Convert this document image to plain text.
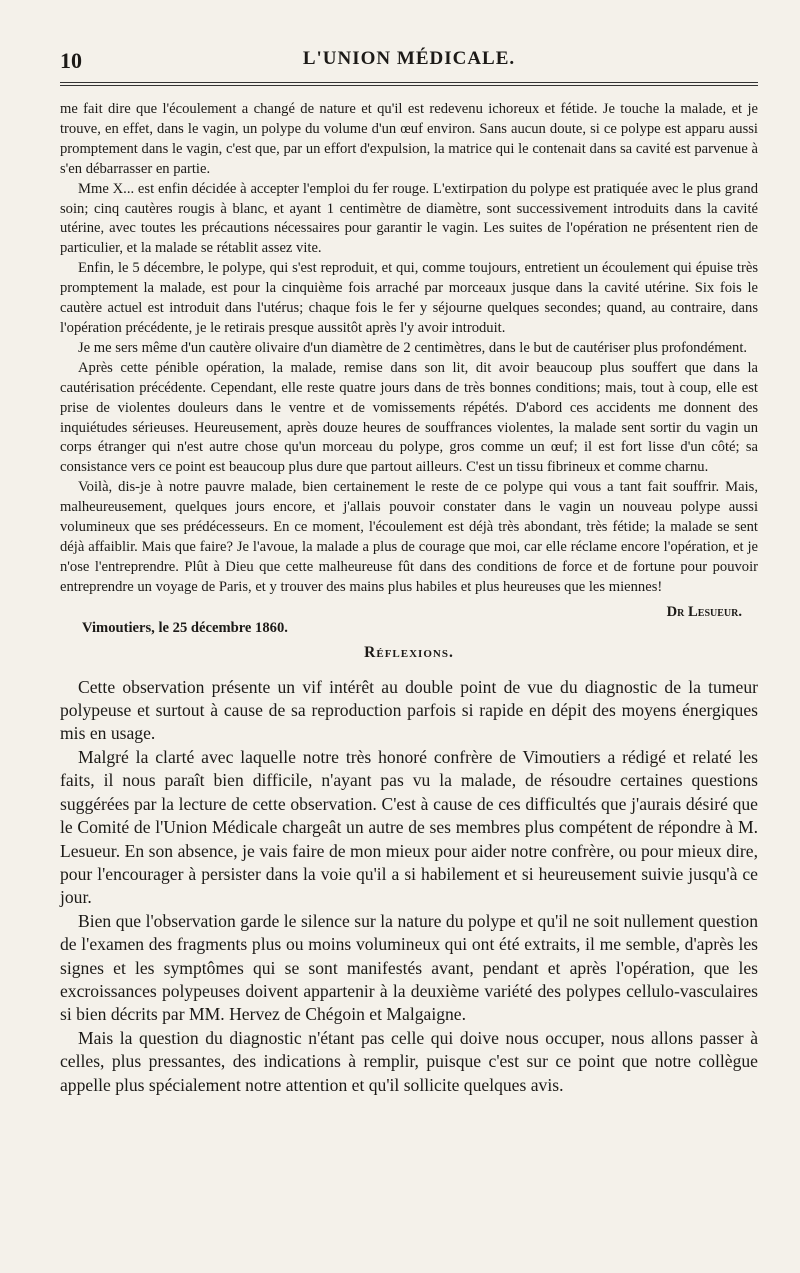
10	L'UNION MÉDICALE.

me fait dire que l'écoulement a changé de nature et qu'il est redevenu ichoreux et fétide. Je touche la malade, et je trouve, en effet, dans le vagin, un polype du volume d'un œuf environ. Sans aucun doute, si ce polype est apparu aussi promptement dans le vagin, c'est que, par un effort d'expulsion, la matrice qui le contenait dans sa cavité est parvenue à s'en débarrasser en partie.

Mme X... est enfin décidée à accepter l'emploi du fer rouge. L'extirpation du polype est pratiquée avec le plus grand soin; cinq cautères rougis à blanc, et ayant 1 centimètre de diamètre, sont successivement introduits dans la cavité utérine, avec toutes les précautions nécessaires pour garantir le vagin. Les suites de l'opération ne présentent rien de particulier, et la malade se rétablit assez vite.

Enfin, le 5 décembre, le polype, qui s'est reproduit, et qui, comme toujours, entretient un écoulement qui épuise très promptement la malade, est pour la cinquième fois arraché par morceaux jusque dans la cavité utérine. Six fois le cautère actuel est introduit dans l'utérus; chaque fois le fer y séjourne quelques secondes; quand, au contraire, dans l'opération précédente, je le retirais presque aussitôt après l'y avoir introduit.

Je me sers même d'un cautère olivaire d'un diamètre de 2 centimètres, dans le but de cautériser plus profondément.

Après cette pénible opération, la malade, remise dans son lit, dit avoir beaucoup plus souffert que dans la cautérisation précédente. Cependant, elle reste quatre jours dans de très bonnes conditions; mais, tout à coup, elle est prise de violentes douleurs dans le ventre et de vomissements répétés. D'abord ces accidents me donnent des inquiétudes sérieuses. Heureusement, après douze heures de souffrances violentes, la malade sent sortir du vagin un corps étranger qui n'est autre chose qu'un morceau du polype, gros comme un œuf; il est fort lisse d'un côté; sa consistance vers ce point est beaucoup plus dure que partout ailleurs. C'est un tissu fibrineux et comme charnu.

Voilà, dis-je à notre pauvre malade, bien certainement le reste de ce polype qui vous a tant fait souffrir. Mais, malheureusement, quelques jours encore, et j'allais pouvoir constater dans le vagin un nouveau polype aussi volumineux que ses prédécesseurs. En ce moment, l'écoulement est déjà très abondant, très fétide; la malade se sent déjà affaiblir. Mais que faire? Je l'avoue, la malade a plus de courage que moi, car elle réclame encore l'opération, et je n'ose l'entreprendre. Plût à Dieu que cette malheureuse fût dans des conditions de force et de fortune pour pouvoir entreprendre un voyage de Paris, et y trouver des mains plus habiles et plus heureuses que les miennes!

Dr Lesueur.
Vimoutiers, le 25 décembre 1860.
Réflexions.

Cette observation présente un vif intérêt au double point de vue du diagnostic de la tumeur polypeuse et surtout à cause de sa reproduction parfois si rapide en dépit des moyens énergiques mis en usage.

Malgré la clarté avec laquelle notre très honoré confrère de Vimoutiers a rédigé et relaté les faits, il nous paraît bien difficile, n'ayant pas vu la malade, de résoudre certaines questions suggérées par la lecture de cette observation. C'est à cause de ces difficultés que j'aurais désiré que le Comité de l'Union Médicale chargeât un autre de ses membres plus compétent de répondre à M. Lesueur. En son absence, je vais faire de mon mieux pour aider notre confrère, ou pour mieux dire, pour l'encourager à persister dans la voie qu'il a si habilement et si heureusement suivie jusqu'à ce jour.

Bien que l'observation garde le silence sur la nature du polype et qu'il ne soit nullement question de l'examen des fragments plus ou moins volumineux qui ont été extraits, il me semble, d'après les signes et les symptômes qui se sont manifestés avant, pendant et après l'opération, que les excroissances polypeuses doivent appartenir à la deuxième variété des polypes cellulo-vasculaires si bien décrits par MM. Hervez de Chégoin et Malgaigne.

Mais la question du diagnostic n'étant pas celle qui doive nous occuper, nous allons passer à celles, plus pressantes, des indications à remplir, puisque c'est sur ce point que notre collègue appelle plus spécialement notre attention et qu'il sollicite quelques avis.
